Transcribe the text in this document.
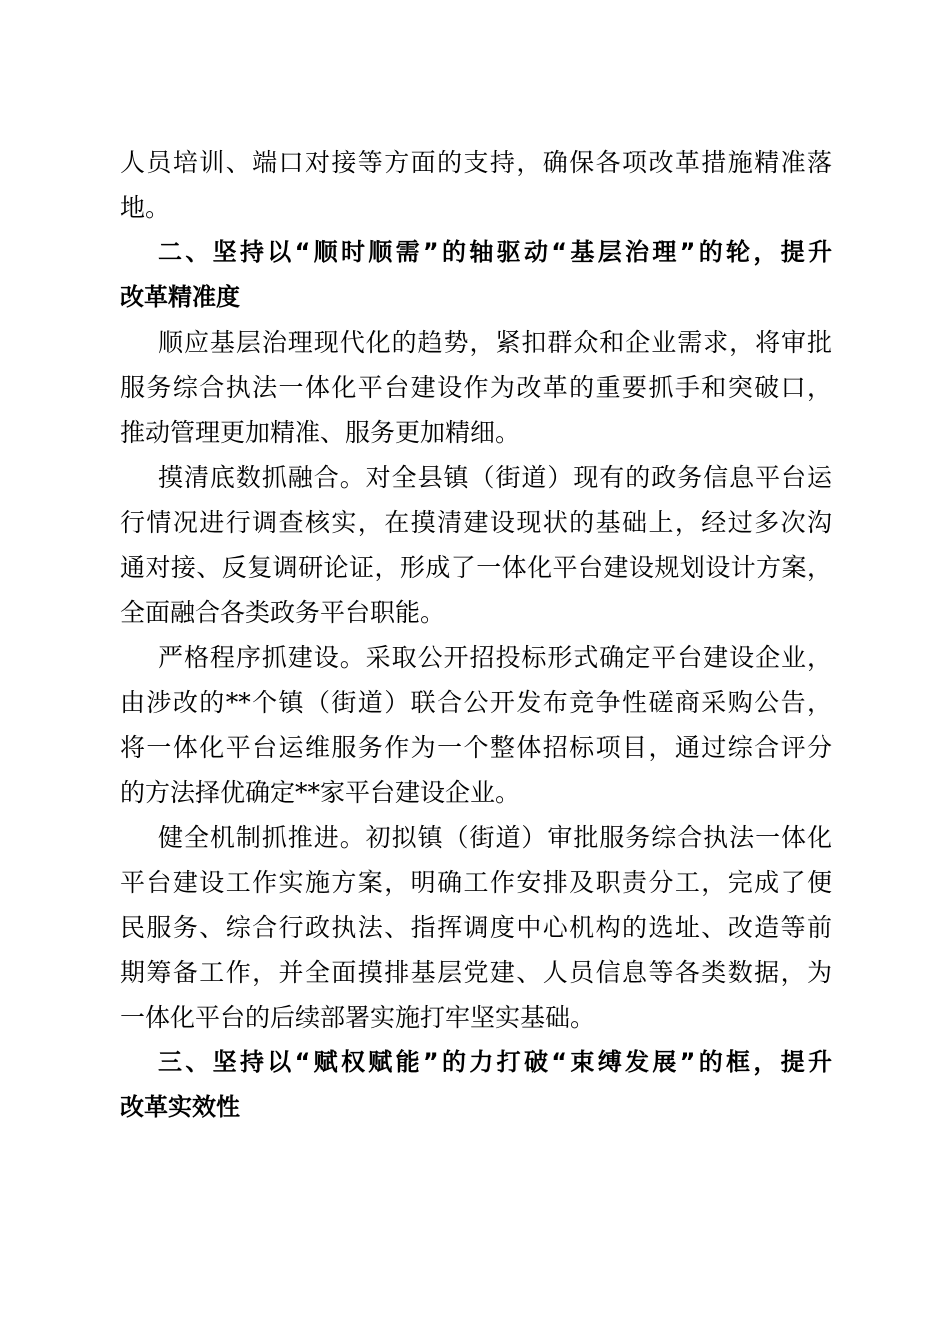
人员培训、端口对接等方面的支持，确保各项改革措施精准落
地。
二、坚持以“顺时顺需”的轴驱动“基层治理”的轮，提升
改革精准度
顺应基层治理现代化的趋势，紧扣群众和企业需求，将审批
服务综合执法一体化平台建设作为改革的重要抓手和突破口，
推动管理更加精准、服务更加精细。
摸清底数抓融合。对全县镇（街道）现有的政务信息平台运
行情况进行调查核实，在摸清建设现状的基础上，经过多次沟
通对接、反复调研论证，形成了一体化平台建设规划设计方案，
全面融合各类政务平台职能。
严格程序抓建设。采取公开招投标形式确定平台建设企业，
由涉改的**个镇（街道）联合公开发布竞争性磋商采购公告，
将一体化平台运维服务作为一个整体招标项目，通过综合评分
的方法择优确定**家平台建设企业。
健全机制抓推进。初拟镇（街道）审批服务综合执法一体化
平台建设工作实施方案，明确工作安排及职责分工，完成了便
民服务、综合行政执法、指挥调度中心机构的选址、改造等前
期筹备工作，并全面摸排基层党建、人员信息等各类数据，为
一体化平台的后续部署实施打牢坚实基础。
三、坚持以“赋权赋能”的力打破“束缚发展”的框，提升
改革实效性
